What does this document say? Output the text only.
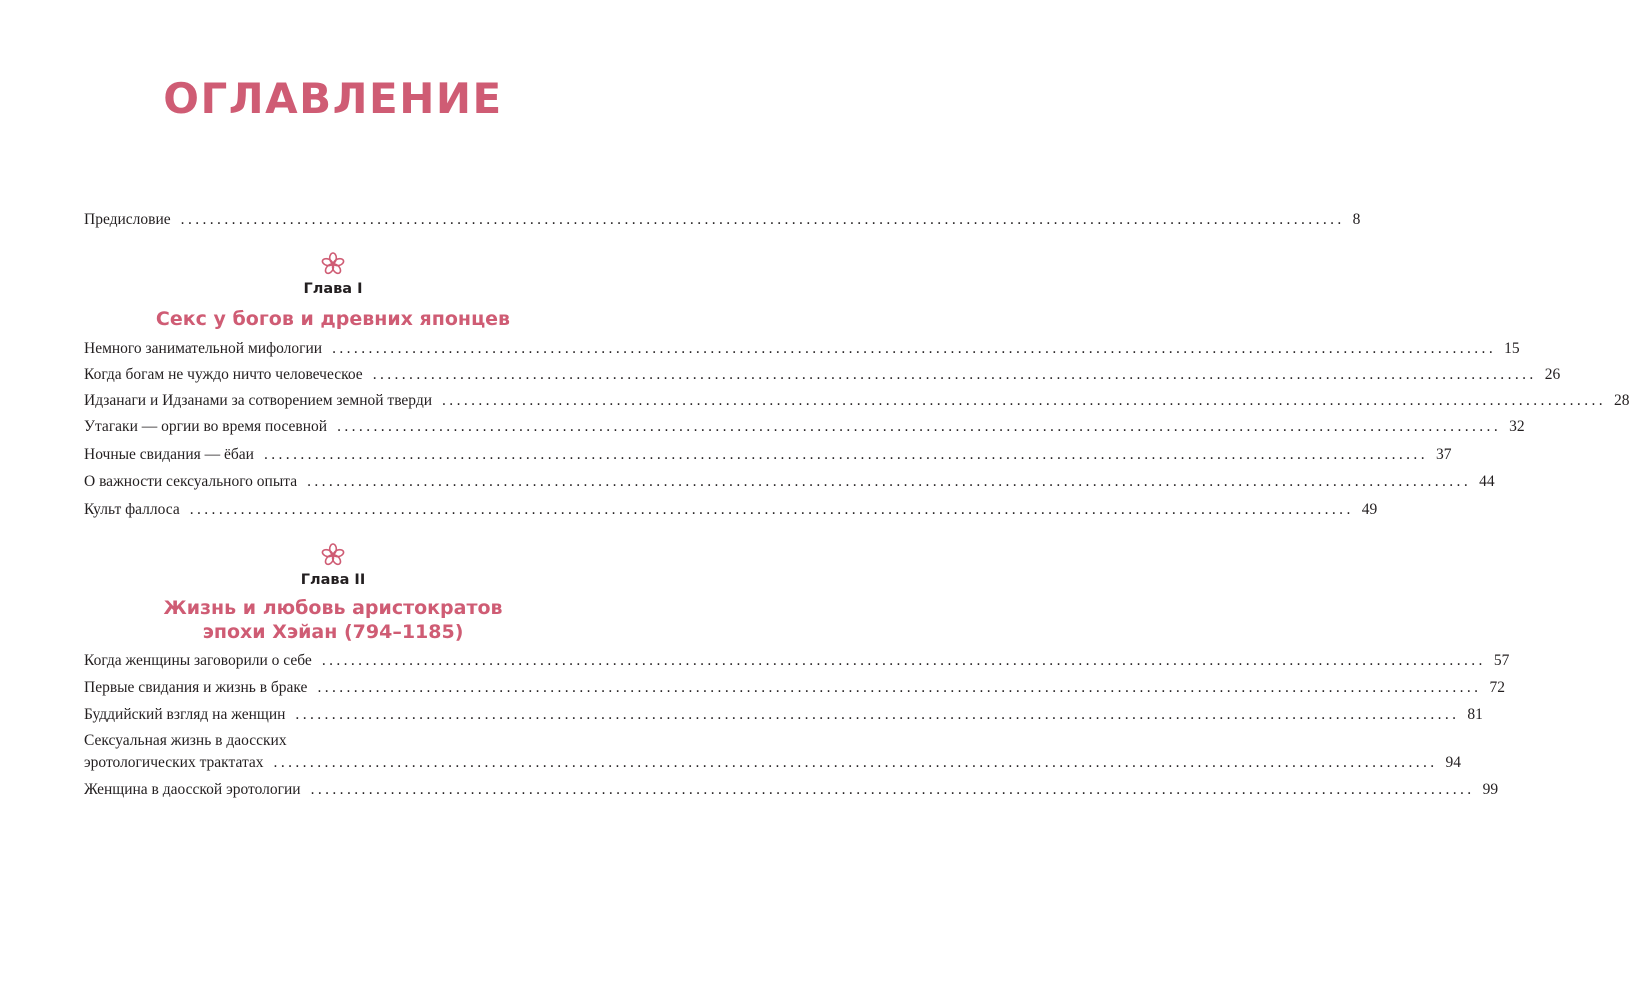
ОГЛАВЛЕНИЕ
Предисловие ................................................................................................................................................................ 8
Глава I
Секс у богов и древних японцев
Немного занимательной мифологии ................................................................................................................................................................ 15
Когда богам не чуждо ничто человеческое ................................................................................................................................................................ 26
Идзанаги и Идзанами за сотворением земной тверди ................................................................................................................................................................ 28
Утагаки — оргии во время посевной ................................................................................................................................................................ 32
Ночные свидания — ёбаи ................................................................................................................................................................ 37
О важности сексуального опыта ................................................................................................................................................................ 44
Культ фаллоса ................................................................................................................................................................ 49
Глава II
Жизнь и любовь аристократов
эпохи Хэйан (794–1185)
Когда женщины заговорили о себе ................................................................................................................................................................ 57
Первые свидания и жизнь в браке ................................................................................................................................................................ 72
Буддийский взгляд на женщин ................................................................................................................................................................ 81
Сексуальная жизнь в даосских
эротологических трактатах ................................................................................................................................................................ 94
Женщина в даосской эротологии ................................................................................................................................................................ 99
